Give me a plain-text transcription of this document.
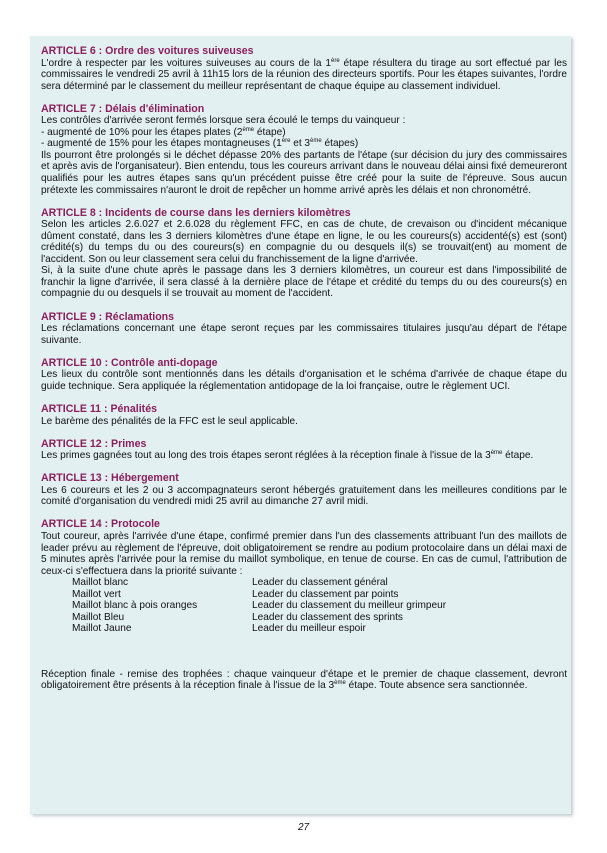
ARTICLE 6 : Ordre des voitures suiveuses
L'ordre à respecter par les voitures suiveuses au cours de la 1ère étape résultera du tirage au sort effectué par les commissaires le vendredi 25 avril à 11h15 lors de la réunion des directeurs sportifs. Pour les étapes suivantes, l'ordre sera déterminé par le classement du meilleur représentant de chaque équipe au classement individuel.
ARTICLE 7 : Délais d'élimination
Les contrôles d'arrivée seront fermés lorsque sera écoulé le temps du vainqueur :
- augmenté de 10% pour les étapes plates (2ème étape)
- augmenté de 15% pour les étapes montagneuses (1ère et 3ème étapes)
Ils pourront être prolongés si le déchet dépasse 20% des partants de l'étape (sur décision du jury des commissaires et après avis de l'organisateur). Bien entendu, tous les coureurs arrivant dans le nouveau délai ainsi fixé demeureront qualifiés pour les autres étapes sans qu'un précédent puisse être créé pour la suite de l'épreuve. Sous aucun prétexte les commissaires n'auront le droit de repêcher un homme arrivé après les délais et non chronométré.
ARTICLE 8 : Incidents de course dans les derniers kilomètres
Selon les articles 2.6.027 et 2.6.028 du règlement FFC, en cas de chute, de crevaison ou d'incident mécanique dûment constaté, dans les 3 derniers kilomètres d'une étape en ligne, le ou les coureurs(s) accidenté(s) est (sont) crédité(s) du temps du ou des coureurs(s) en compagnie du ou desquels il(s) se trouvait(ent) au moment de l'accident. Son ou leur classement sera celui du franchissement de la ligne d'arrivée.
Si, à la suite d'une chute après le passage dans les 3 derniers kilomètres, un coureur est dans l'impossibilité de franchir la ligne d'arrivée, il sera classé à la dernière place de l'étape et crédité du temps du ou des coureurs(s) en compagnie du ou desquels il se trouvait au moment de l'accident.
ARTICLE 9 : Réclamations
Les réclamations concernant une étape seront reçues par les commissaires titulaires jusqu'au départ de l'étape suivante.
ARTICLE 10 : Contrôle anti-dopage
Les lieux du contrôle sont mentionnés dans les détails d'organisation et le schéma d'arrivée de chaque étape du guide technique. Sera appliquée la réglementation antidopage de la loi française, outre le règlement UCI.
ARTICLE 11 : Pénalités
Le barème des pénalités de la FFC est le seul applicable.
ARTICLE 12 : Primes
Les primes gagnées tout au long des trois étapes seront réglées à la réception finale à l'issue de la 3ème étape.
ARTICLE 13 : Hébergement
Les 6 coureurs et les 2 ou 3 accompagnateurs seront hébergés gratuitement dans les meilleures conditions par le comité d'organisation du vendredi midi 25 avril au dimanche 27 avril midi.
ARTICLE 14 : Protocole
Tout coureur, après l'arrivée d'une étape, confirmé premier dans l'un des classements attribuant l'un des maillots de leader prévu au règlement de l'épreuve, doit obligatoirement se rendre au podium protocolaire dans un délai maxi de 5 minutes après l'arrivée pour la remise du maillot symbolique, en tenue de course. En cas de cumul, l'attribution de ceux-ci s'effectuera dans la priorité suivante :
Maillot blanc	Leader du classement général
Maillot vert	Leader du classement par points
Maillot blanc à pois oranges	Leader du classement du meilleur grimpeur
Maillot Bleu	Leader du classement des sprints
Maillot Jaune	Leader du meilleur espoir
Réception finale - remise des trophées : chaque vainqueur d'étape et le premier de chaque classement, devront obligatoirement être présents à la réception finale à l'issue de la 3ème étape. Toute absence sera sanctionnée.
27
